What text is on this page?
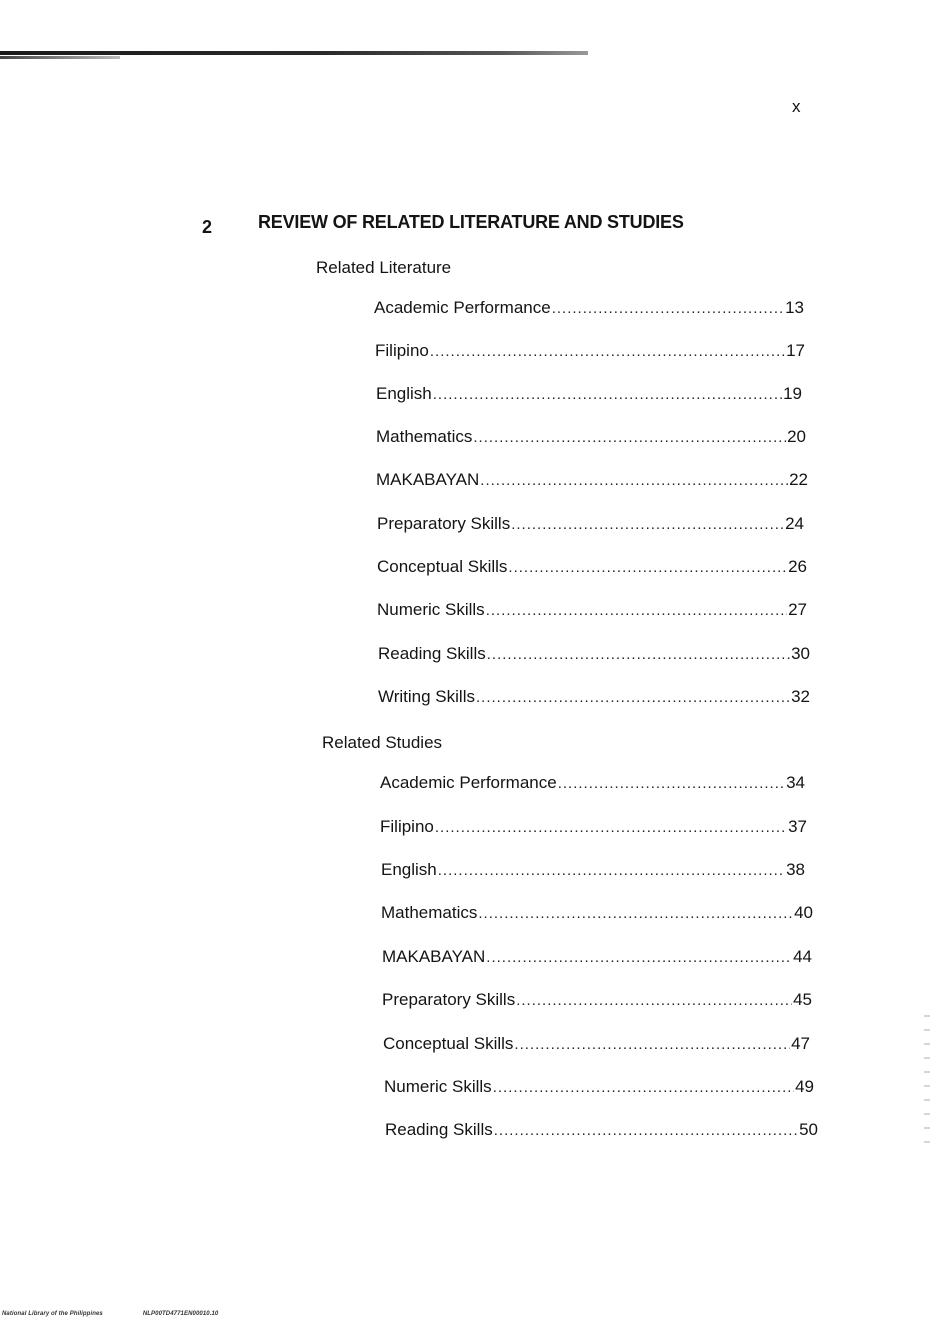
x
2	REVIEW OF RELATED LITERATURE AND STUDIES
Related Literature
Academic Performance .....	13
Filipino .....	17
English .....	19
Mathematics .....	20
MAKABAYAN .....	22
Preparatory Skills .....	24
Conceptual Skills .....	26
Numeric Skills .....	27
Reading Skills .....	30
Writing Skills .....	32
Related Studies
Academic Performance .....	34
Filipino .....	37
English .....	38
Mathematics .....	40
MAKABAYAN .....	44
Preparatory Skills .....	45
Conceptual Skills .....	47
Numeric Skills .....	49
Reading Skills .....	50
National Library of the Philippines	NLP00TD4771EN00010.10
